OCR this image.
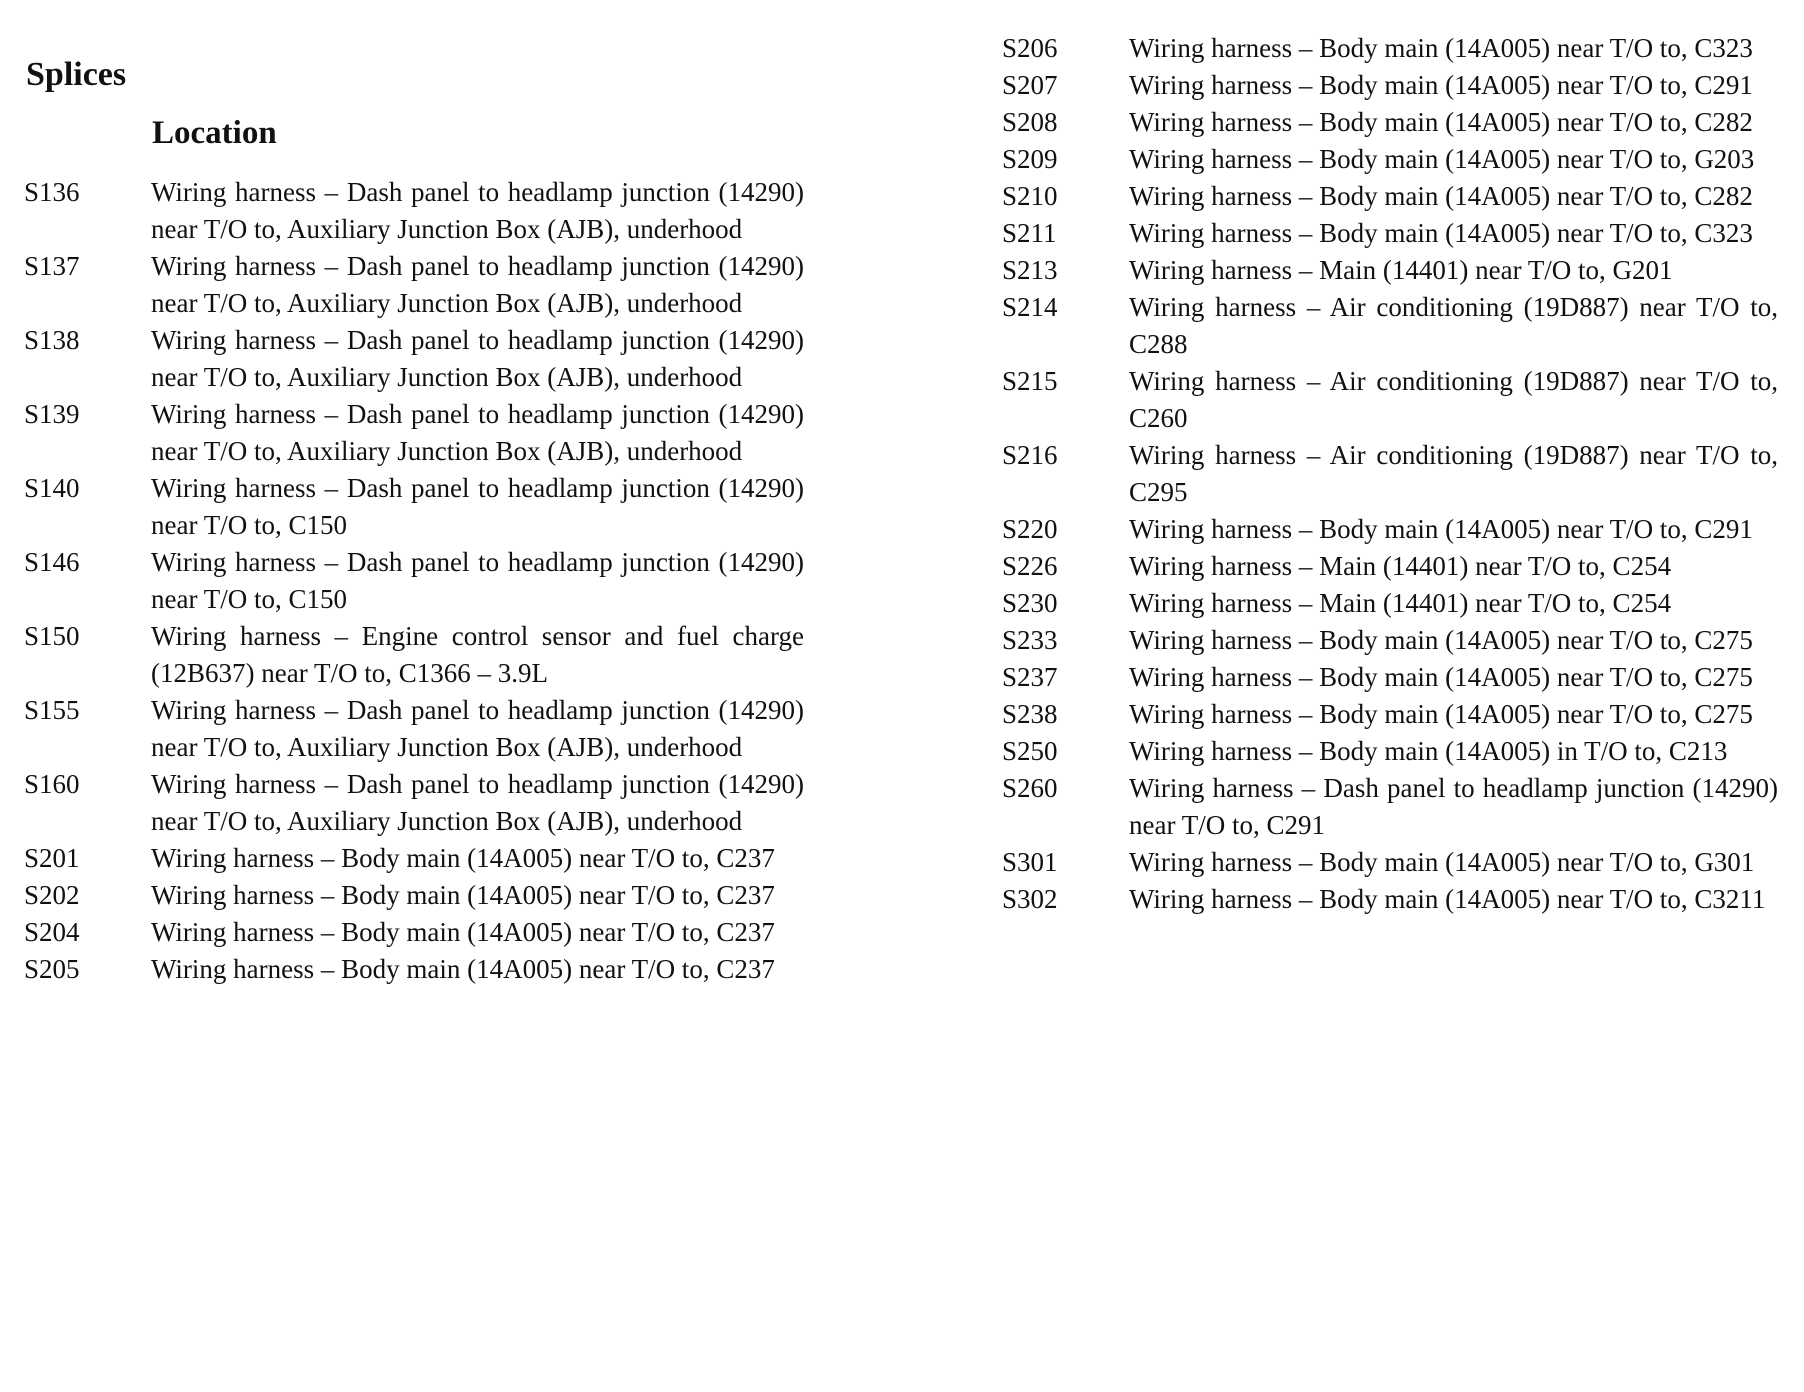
Splices
Location
S136	Wiring harness – Dash panel to headlamp junction (14290) near T/O to, Auxiliary Junction Box (AJB), underhood
S137	Wiring harness – Dash panel to headlamp junction (14290) near T/O to, Auxiliary Junction Box (AJB), underhood
S138	Wiring harness – Dash panel to headlamp junction (14290) near T/O to, Auxiliary Junction Box (AJB), underhood
S139	Wiring harness – Dash panel to headlamp junction (14290) near T/O to, Auxiliary Junction Box (AJB), underhood
S140	Wiring harness – Dash panel to headlamp junction (14290) near T/O to, C150
S146	Wiring harness – Dash panel to headlamp junction (14290) near T/O to, C150
S150	Wiring harness – Engine control sensor and fuel charge (12B637) near T/O to, C1366 – 3.9L
S155	Wiring harness – Dash panel to headlamp junction (14290) near T/O to, Auxiliary Junction Box (AJB), underhood
S160	Wiring harness – Dash panel to headlamp junction (14290) near T/O to, Auxiliary Junction Box (AJB), underhood
S201	Wiring harness – Body main (14A005) near T/O to, C237
S202	Wiring harness – Body main (14A005) near T/O to, C237
S204	Wiring harness – Body main (14A005) near T/O to, C237
S205	Wiring harness – Body main (14A005) near T/O to, C237
S206	Wiring harness – Body main (14A005) near T/O to, C323
S207	Wiring harness – Body main (14A005) near T/O to, C291
S208	Wiring harness – Body main (14A005) near T/O to, C282
S209	Wiring harness – Body main (14A005) near T/O to, G203
S210	Wiring harness – Body main (14A005) near T/O to, C282
S211	Wiring harness – Body main (14A005) near T/O to, C323
S213	Wiring harness – Main (14401) near T/O to, G201
S214	Wiring harness – Air conditioning (19D887) near T/O to, C288
S215	Wiring harness – Air conditioning (19D887) near T/O to, C260
S216	Wiring harness – Air conditioning (19D887) near T/O to, C295
S220	Wiring harness – Body main (14A005) near T/O to, C291
S226	Wiring harness – Main (14401) near T/O to, C254
S230	Wiring harness – Main (14401) near T/O to, C254
S233	Wiring harness – Body main (14A005) near T/O to, C275
S237	Wiring harness – Body main (14A005) near T/O to, C275
S238	Wiring harness – Body main (14A005) near T/O to, C275
S250	Wiring harness – Body main (14A005) in T/O to, C213
S260	Wiring harness – Dash panel to headlamp junction (14290) near T/O to, C291
S301	Wiring harness – Body main (14A005) near T/O to, G301
S302	Wiring harness – Body main (14A005) near T/O to, C3211
